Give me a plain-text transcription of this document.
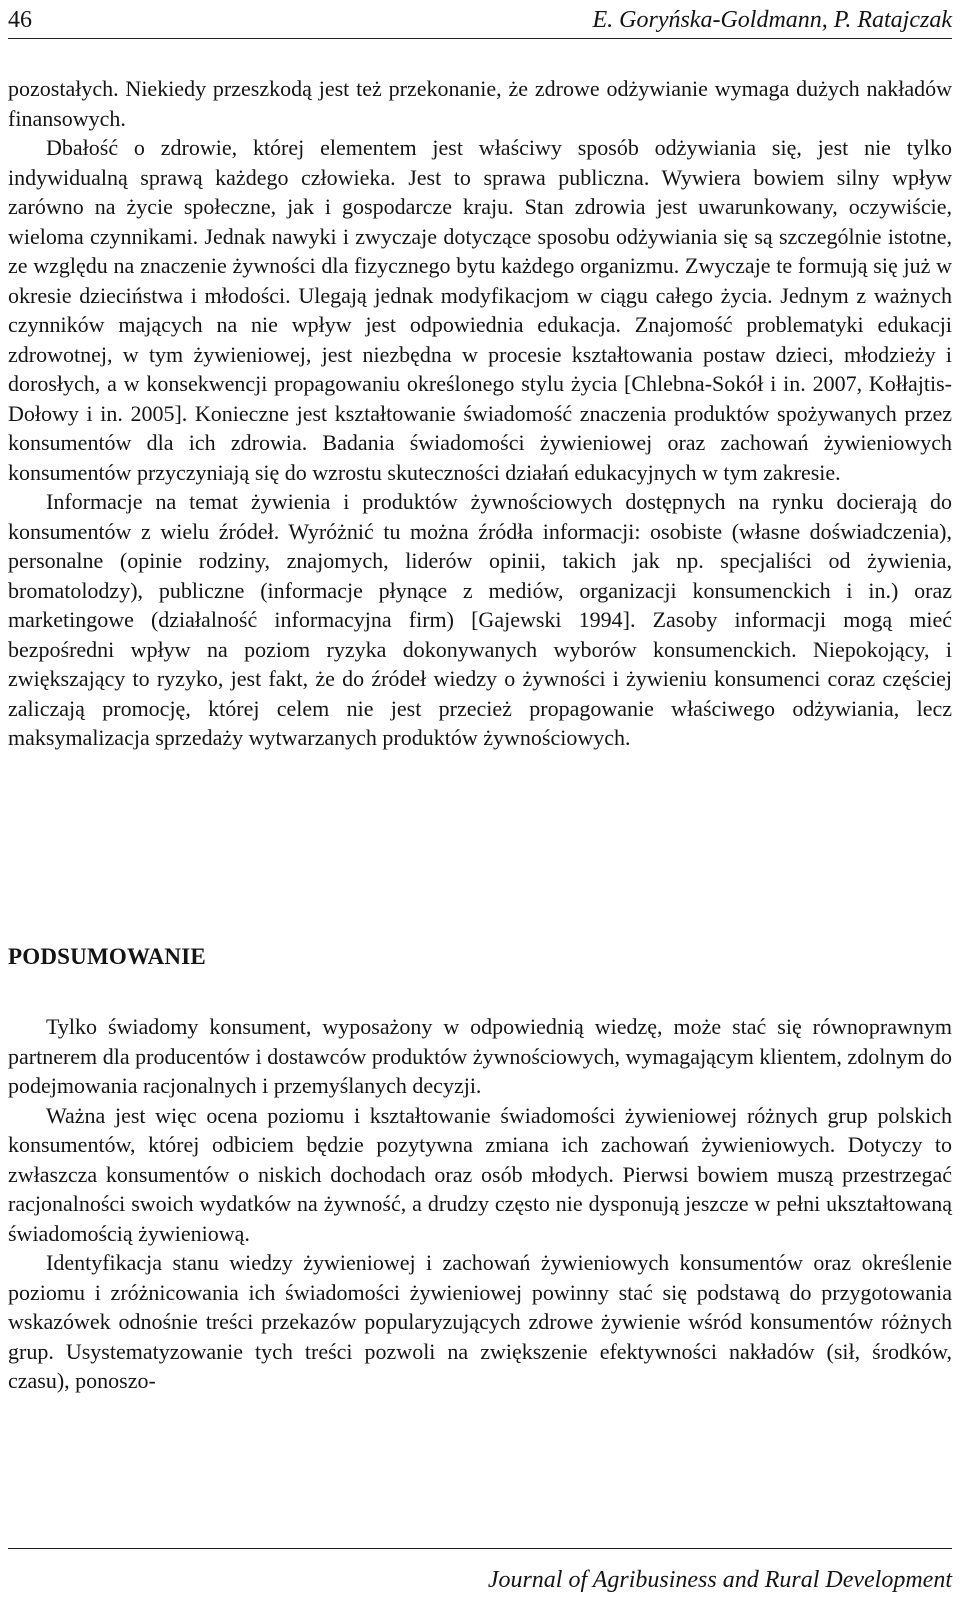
46	E. Goryńska-Goldmann, P. Ratajczak

pozostałych. Niekiedy przeszkodą jest też przekonanie, że zdrowe odżywianie wymaga dużych nakładów finansowych.

Dbałość o zdrowie, której elementem jest właściwy sposób odżywiania się, jest nie tylko indywidualną sprawą każdego człowieka. Jest to sprawa publiczna. Wywiera bowiem silny wpływ zarówno na życie społeczne, jak i gospodarcze kraju. Stan zdrowia jest uwarunkowany, oczywiście, wieloma czynnikami. Jednak nawyki i zwyczaje dotyczące sposobu odżywiania się są szczególnie istotne, ze względu na znaczenie żywności dla fizycznego bytu każdego organizmu. Zwyczaje te formują się już w okresie dzieciństwa i młodości. Ulegają jednak modyfikacjom w ciągu całego życia. Jednym z ważnych czynników mających na nie wpływ jest odpowiednia edukacja. Znajomość problematyki edukacji zdrowotnej, w tym żywieniowej, jest niezbędna w procesie kształtowania postaw dzieci, młodzieży i dorosłych, a w konsekwencji propagowaniu określonego stylu życia [Chlebna-Sokół i in. 2007, Kołłajtis-Dołowy i in. 2005]. Konieczne jest kształtowanie świadomość znaczenia produktów spożywanych przez konsumentów dla ich zdrowia. Badania świadomości żywieniowej oraz zachowań żywieniowych konsumentów przyczyniają się do wzrostu skuteczności działań edukacyjnych w tym zakresie.

Informacje na temat żywienia i produktów żywnościowych dostępnych na rynku docierają do konsumentów z wielu źródeł. Wyróżnić tu można źródła informacji: osobiste (własne doświadczenia), personalne (opinie rodziny, znajomych, liderów opinii, takich jak np. specjaliści od żywienia, bromatolodzy), publiczne (informacje płynące z mediów, organizacji konsumenckich i in.) oraz marketingowe (działalność informacyjna firm) [Gajewski 1994]. Zasoby informacji mogą mieć bezpośredni wpływ na poziom ryzyka dokonywanych wyborów konsumenckich. Niepokojący, i zwiększający to ryzyko, jest fakt, że do źródeł wiedzy o żywności i żywieniu konsumenci coraz częściej zaliczają promocję, której celem nie jest przecież propagowanie właściwego odżywiania, lecz maksymalizacja sprzedaży wytwarzanych produktów żywnościowych.

PODSUMOWANIE

Tylko świadomy konsument, wyposażony w odpowiednią wiedzę, może stać się równoprawnym partnerem dla producentów i dostawców produktów żywnościowych, wymagającym klientem, zdolnym do podejmowania racjonalnych i przemyślanych decyzji.

Ważna jest więc ocena poziomu i kształtowanie świadomości żywieniowej różnych grup polskich konsumentów, której odbiciem będzie pozytywna zmiana ich zachowań żywieniowych. Dotyczy to zwłaszcza konsumentów o niskich dochodach oraz osób młodych. Pierwsi bowiem muszą przestrzegać racjonalności swoich wydatków na żywność, a drudzy często nie dysponują jeszcze w pełni ukształtowaną świadomością żywieniową.

Identyfikacja stanu wiedzy żywieniowej i zachowań żywieniowych konsumentów oraz określenie poziomu i zróżnicowania ich świadomości żywieniowej powinny stać się podstawą do przygotowania wskazówek odnośnie treści przekazów popularyzujących zdrowe żywienie wśród konsumentów różnych grup. Usystematyzowanie tych treści pozwoli na zwiększenie efektywności nakładów (sił, środków, czasu), ponoszo-

Journal of Agribusiness and Rural Development
